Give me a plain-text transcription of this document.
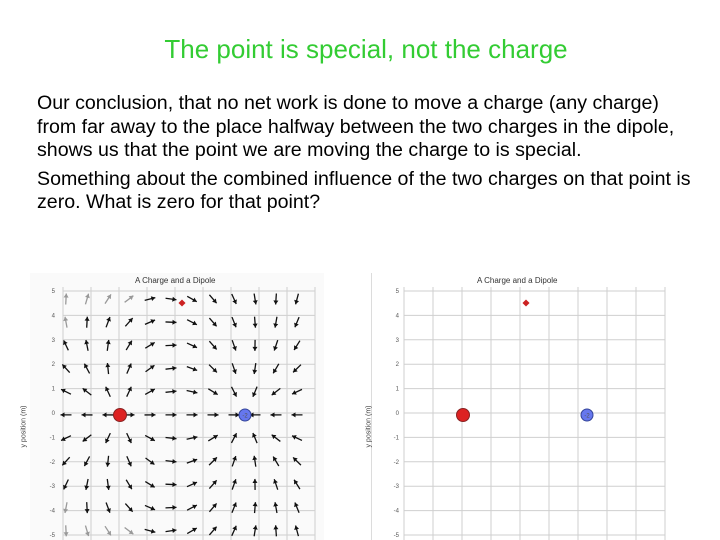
The point is special, not the charge

Our conclusion, that no net work is done to move a charge (any charge) from far away to the place halfway between the two charges in the dipole, shows us that the point we are moving the charge to is special.

Something about the combined influence of the two charges on that point is zero. What is zero for that point?

A Charge and a Dipole
y position (m)
5
4
3
2
1
0
-1
-2
-3
-4
-5
-2
A Charge and a Dipole
y position (m)
5
4
3
2
1
0
-1
-2
-3
-4
-5
-2
